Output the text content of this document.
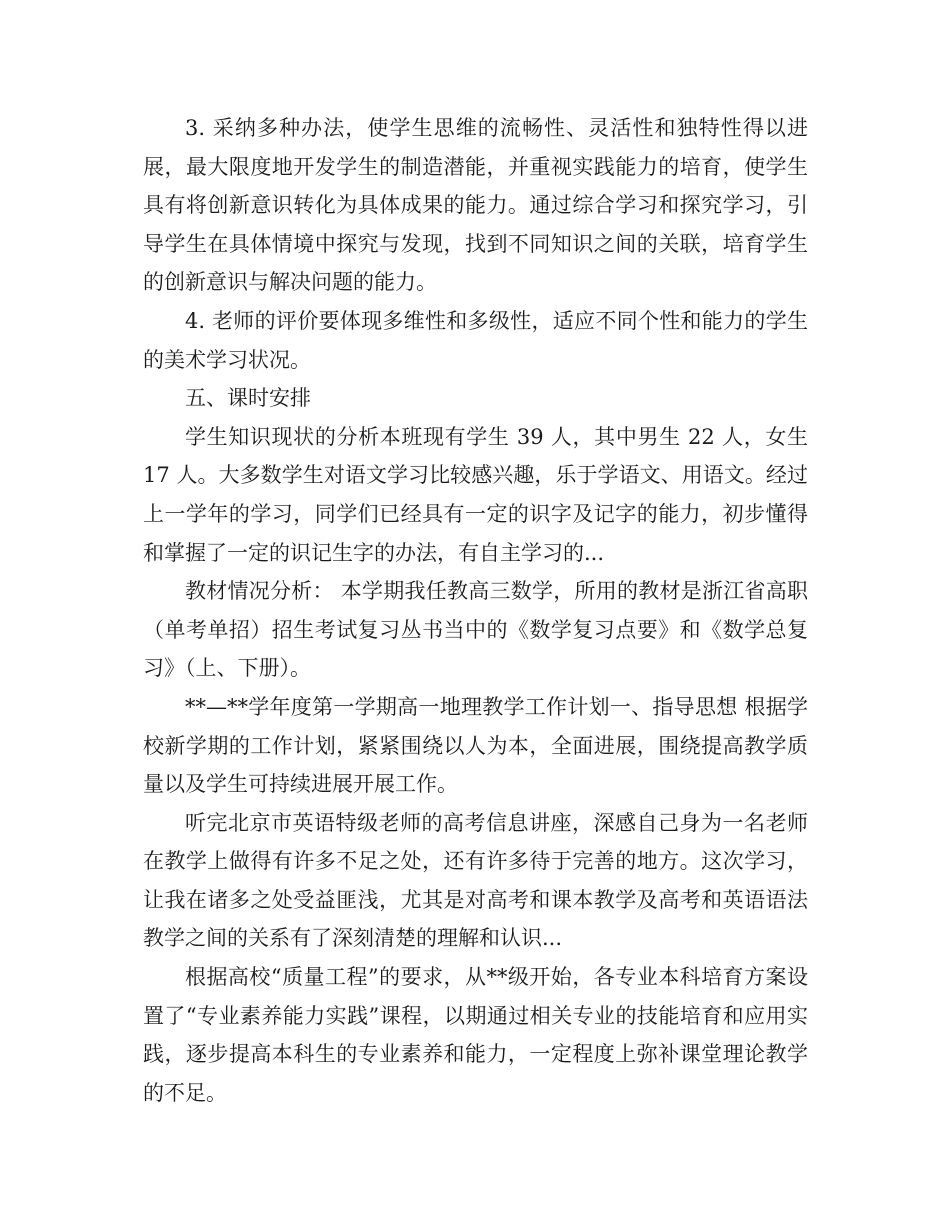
3. 采纳多种办法，使学生思维的流畅性、灵活性和独特性得以进展，最大限度地开发学生的制造潜能，并重视实践能力的培育，使学生具有将创新意识转化为具体成果的能力。通过综合学习和探究学习，引导学生在具体情境中探究与发现，找到不同知识之间的关联，培育学生的创新意识与解决问题的能力。

4. 老师的评价要体现多维性和多级性，适应不同个性和能力的学生的美术学习状况。

五、课时安排

学生知识现状的分析本班现有学生 39 人，其中男生 22 人，女生 17 人。大多数学生对语文学习比较感兴趣，乐于学语文、用语文。经过上一学年的学习，同学们已经具有一定的识字及记字的能力，初步懂得和掌握了一定的识记生字的办法，有自主学习的...

教材情况分析： 本学期我任教高三数学，所用的教材是浙江省高职（单考单招）招生考试复习丛书当中的《数学复习点要》和《数学总复习》（上、下册）。

**—**学年度第一学期高一地理教学工作计划一、指导思想 根据学校新学期的工作计划，紧紧围绕以人为本，全面进展，围绕提高教学质量以及学生可持续进展开展工作。

听完北京市英语特级老师的高考信息讲座，深感自己身为一名老师在教学上做得有许多不足之处，还有许多待于完善的地方。这次学习，让我在诸多之处受益匪浅，尤其是对高考和课本教学及高考和英语语法教学之间的关系有了深刻清楚的理解和认识...

根据高校“质量工程”的要求，从**级开始，各专业本科培育方案设置了“专业素养能力实践”课程，以期通过相关专业的技能培育和应用实践，逐步提高本科生的专业素养和能力，一定程度上弥补课堂理论教学的不足。
